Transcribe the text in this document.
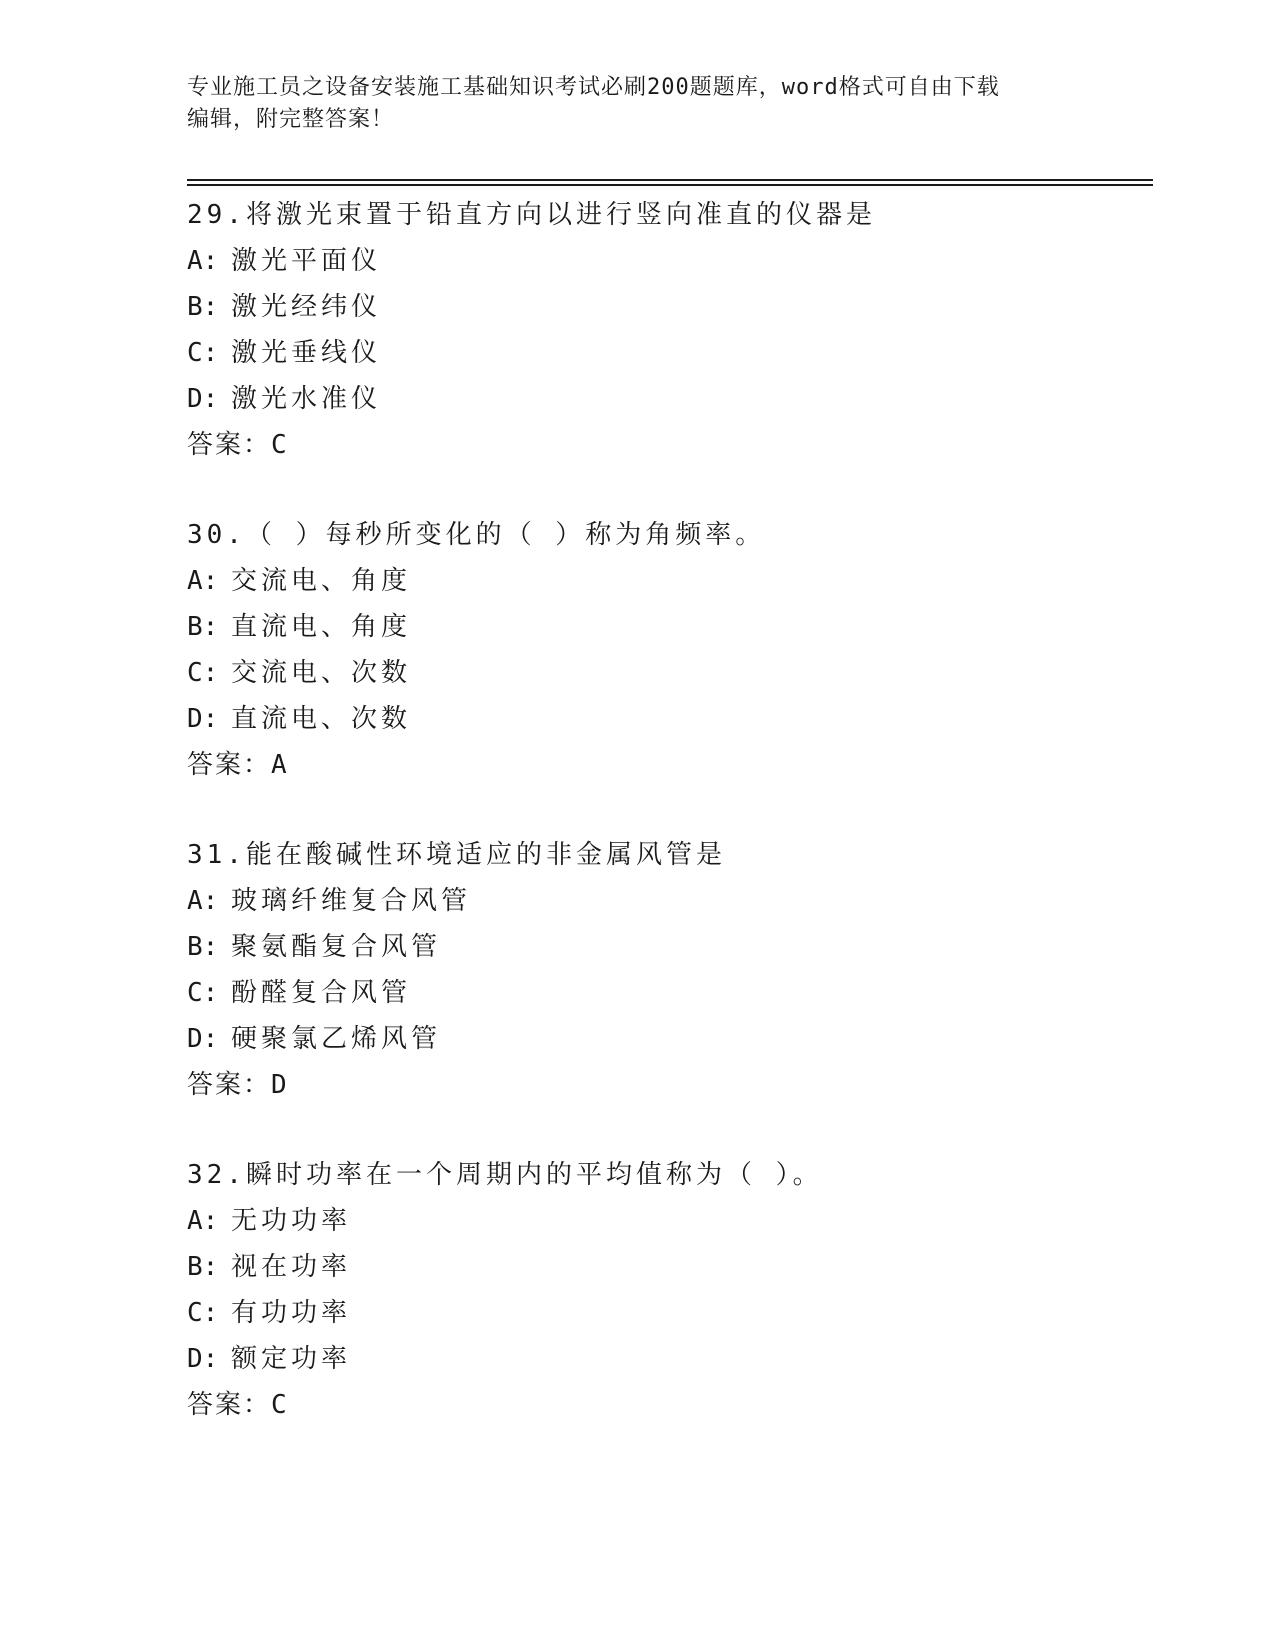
专业施工员之设备安装施工基础知识考试必刷200题题库，word格式可自由下载
编辑，附完整答案！
29.将激光束置于铅直方向以进行竖向准直的仪器是
A: 激光平面仪
B: 激光经纬仪
C: 激光垂线仪
D: 激光水准仪
答案：C
30.（ ）每秒所变化的（ ）称为角频率。
A: 交流电、角度
B: 直流电、角度
C: 交流电、次数
D: 直流电、次数
答案：A
31.能在酸碱性环境适应的非金属风管是
A: 玻璃纤维复合风管
B: 聚氨酯复合风管
C: 酚醛复合风管
D: 硬聚氯乙烯风管
答案：D
32.瞬时功率在一个周期内的平均值称为（ ）。
A: 无功功率
B: 视在功率
C: 有功功率
D: 额定功率
答案：C
